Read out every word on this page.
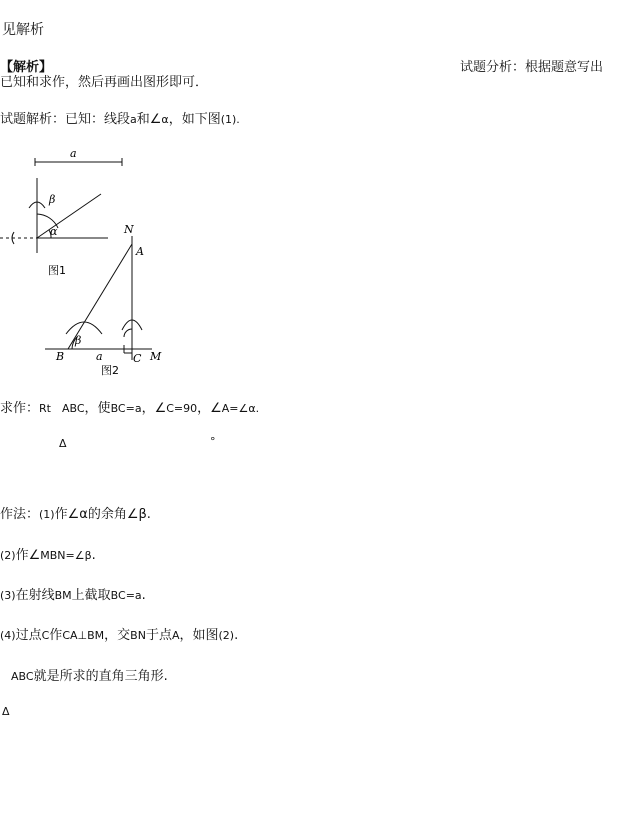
见解析
【解析】	试题分析：根据题意写出
已知和求作，然后再画出图形即可．
试题解析：已知：线段a和∠α，如下图(1).
a
β
α
图1
N
A
B
β
a	C M
图2
求作：Rt ABC，使BC=a，∠C=90，∠A=∠α.
Δ	°
作法：(1)作∠α的余角∠β.
(2)作∠MBN=∠β.
(3)在射线BM上截取BC=a.
(4)过点C作CA⊥BM，交BN于点A，如图(2).
ABC就是所求的直角三角形.
Δ
